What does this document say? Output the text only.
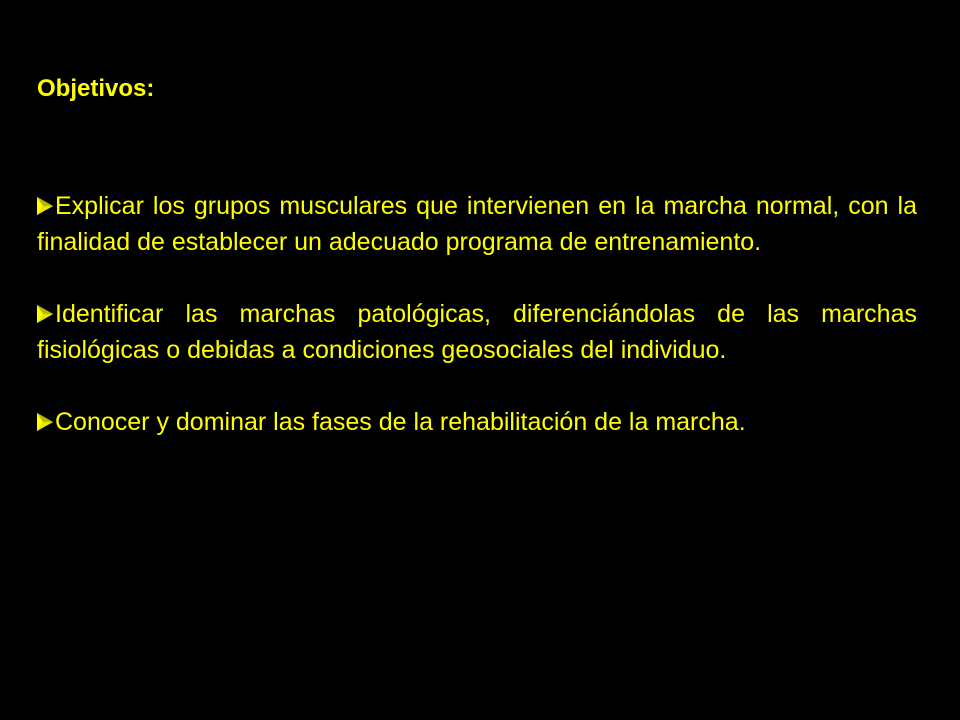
Objetivos:
Explicar los grupos musculares que intervienen en la marcha normal, con la finalidad de establecer un adecuado programa de entrenamiento.
Identificar las marchas patológicas, diferenciándolas de las marchas fisiológicas o debidas a condiciones geosociales del individuo.
Conocer y dominar las fases de la rehabilitación de la marcha.
